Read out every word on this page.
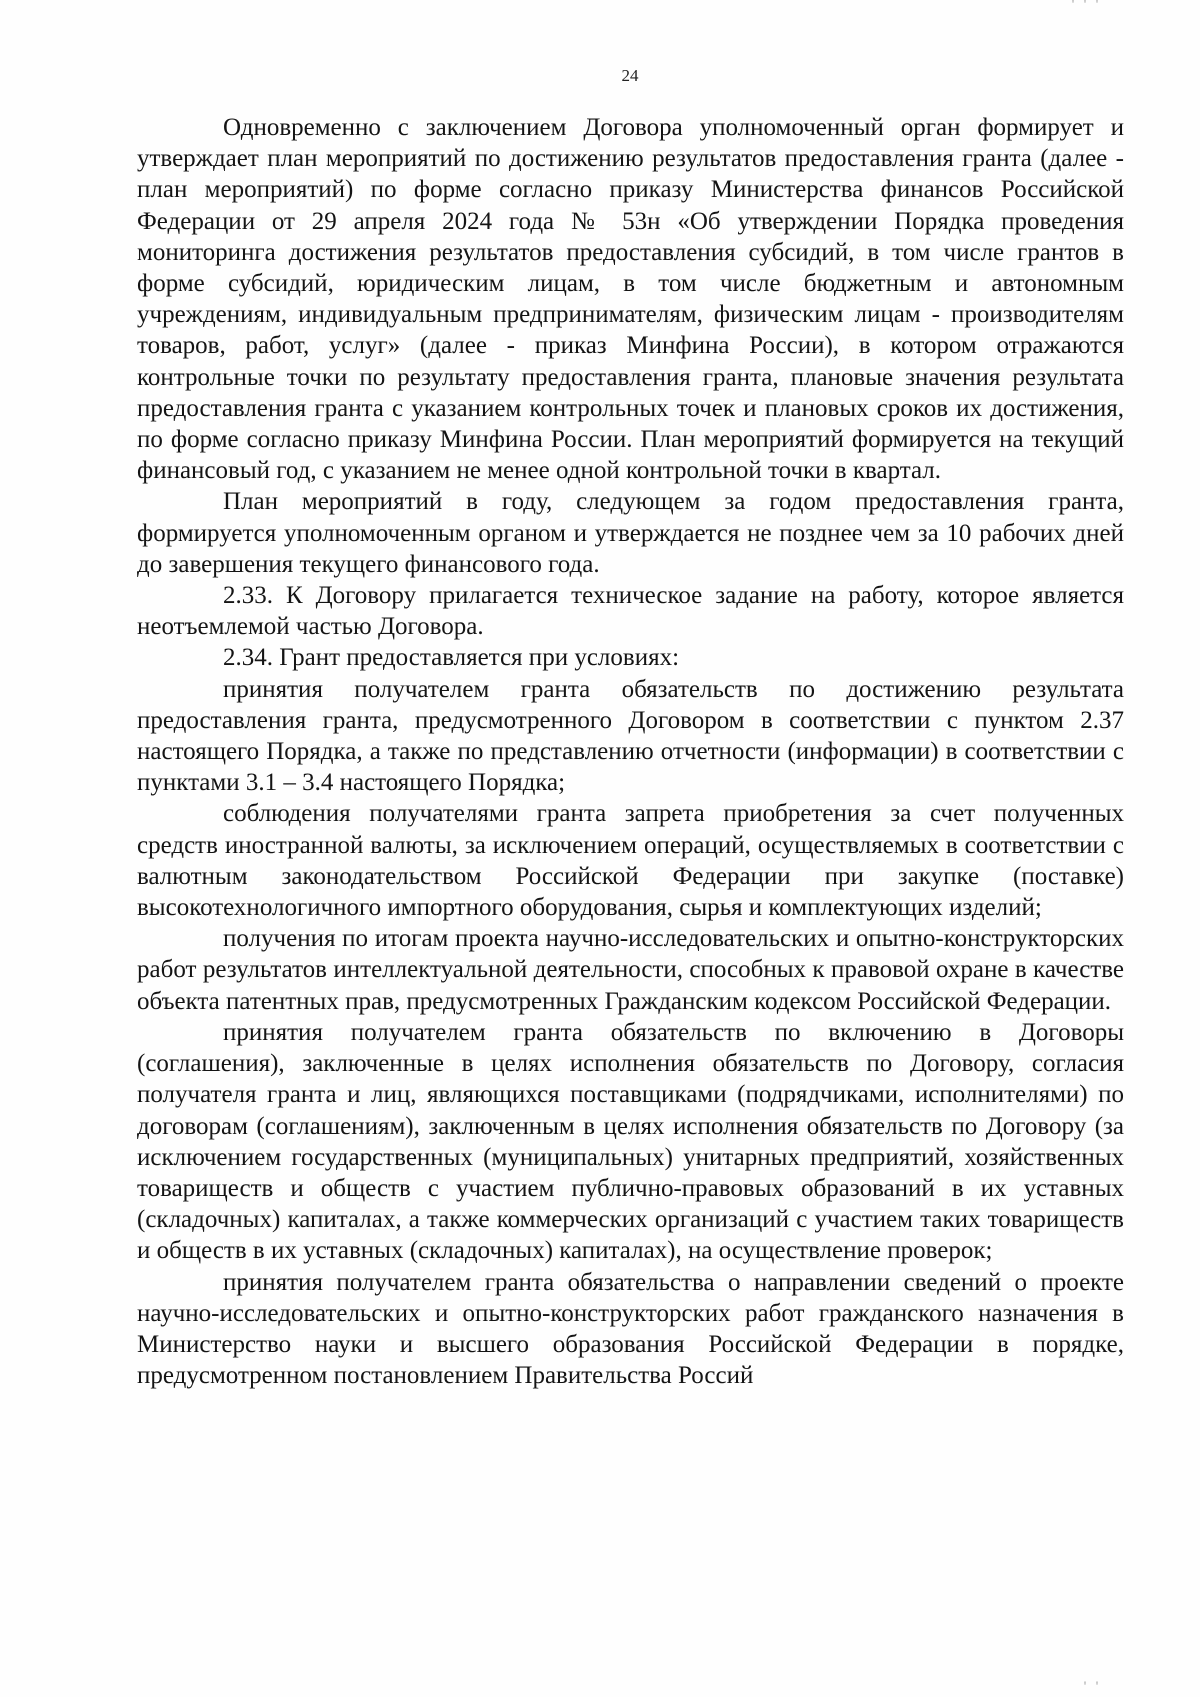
' ' '
24

Одновременно с заключением Договора уполномоченный орган формирует и утверждает план мероприятий по достижению результатов предоставления гранта (далее - план мероприятий) по форме согласно приказу Министерства финансов Российской Федерации от 29 апреля 2024 года № 53н «Об утверждении Порядка проведения мониторинга достижения результатов предоставления субсидий, в том числе грантов в форме субсидий, юридическим лицам, в том числе бюджетным и автономным учреждениям, индивидуальным предпринимателям, физическим лицам - производителям товаров, работ, услуг» (далее - приказ Минфина России), в котором отражаются контрольные точки по результату предоставления гранта, плановые значения результата предоставления гранта с указанием контрольных точек и плановых сроков их достижения, по форме согласно приказу Минфина России. План мероприятий формируется на текущий финансовый год, с указанием не менее одной контрольной точки в квартал.

План мероприятий в году, следующем за годом предоставления гранта, формируется уполномоченным органом и утверждается не позднее чем за 10 рабочих дней до завершения текущего финансового года.

2.33. К Договору прилагается техническое задание на работу, которое является неотъемлемой частью Договора.

2.34. Грант предоставляется при условиях:

принятия получателем гранта обязательств по достижению результата предоставления гранта, предусмотренного Договором в соответствии с пунктом 2.37 настоящего Порядка, а также по представлению отчетности (информации) в соответствии с пунктами 3.1 – 3.4 настоящего Порядка;

соблюдения получателями гранта запрета приобретения за счет полученных средств иностранной валюты, за исключением операций, осуществляемых в соответствии с валютным законодательством Российской Федерации при закупке (поставке) высокотехнологичного импортного оборудования, сырья и комплектующих изделий;

получения по итогам проекта научно-исследовательских и опытно-конструкторских работ результатов интеллектуальной деятельности, способных к правовой охране в качестве объекта патентных прав, предусмотренных Гражданским кодексом Российской Федерации.

принятия получателем гранта обязательств по включению в Договоры (соглашения), заключенные в целях исполнения обязательств по Договору, согласия получателя гранта и лиц, являющихся поставщиками (подрядчиками, исполнителями) по договорам (соглашениям), заключенным в целях исполнения обязательств по Договору (за исключением государственных (муниципальных) унитарных предприятий, хозяйственных товариществ и обществ с участием публично-правовых образований в их уставных (складочных) капиталах, а также коммерческих организаций с участием таких товариществ и обществ в их уставных (складочных) капиталах), на осуществление проверок;

принятия получателем гранта обязательства о направлении сведений о проекте научно-исследовательских и опытно-конструкторских работ гражданского назначения в Министерство науки и высшего образования Российской Федерации в порядке, предусмотренном постановлением Правительства Россий

' '
